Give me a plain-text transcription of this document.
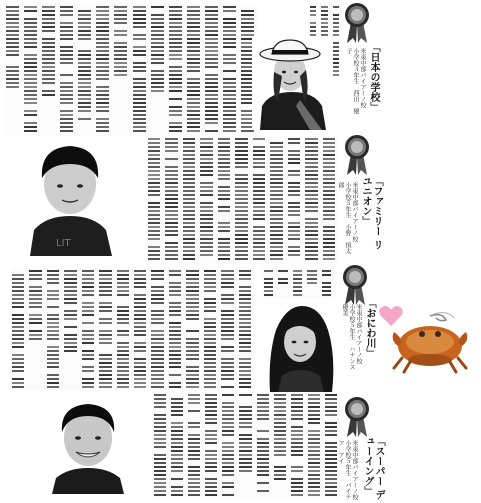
「日本の学校」
米東中部バイアーノ校
小学校３年生　西田　優子
LIT	「ファミリー リユニオン」
米東中部バイアーノ校
小学校５年生　小野　慎太郎
「おにわ川」
米東中部バイアーノ校
小学校５年生　ハナンス　優美
「スーパー デューイング」
米東中部バイアーノ校
小学校５年生　バイテア　アイ
